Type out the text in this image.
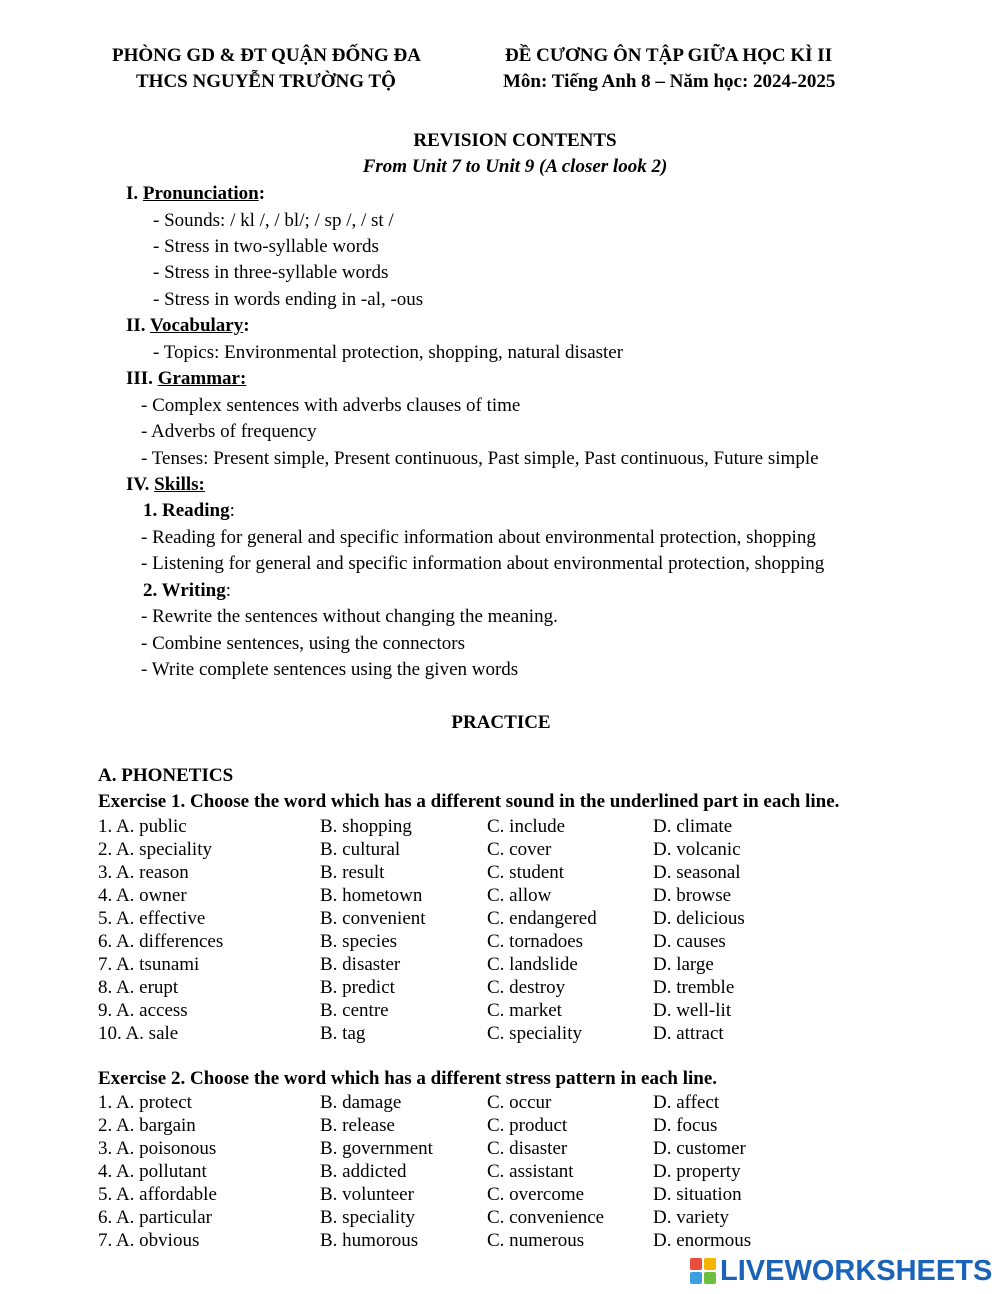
PHÒNG GD & ĐT QUẬN ĐỐNG ĐA
THCS NGUYỄN TRƯỜNG TỘ
ĐỀ CƯƠNG ÔN TẬP GIỮA HỌC KÌ II
Môn: Tiếng Anh 8 – Năm học: 2024-2025
REVISION CONTENTS
From Unit 7 to Unit 9 (A closer look 2)
I. Pronunciation:
- Sounds: / kl /, / bl/; / sp /, / st /
- Stress in two-syllable words
- Stress in three-syllable words
- Stress in words ending in -al, -ous
II. Vocabulary:
- Topics: Environmental protection, shopping, natural disaster
III. Grammar:
- Complex sentences with adverbs clauses of time
- Adverbs of frequency
- Tenses: Present simple, Present continuous, Past simple, Past continuous, Future simple
IV. Skills:
1. Reading:
- Reading for general and specific information about environmental protection, shopping
- Listening for general and specific information about environmental protection, shopping
2. Writing:
- Rewrite the sentences without changing the meaning.
- Combine sentences, using the connectors
- Write complete sentences using the given words
PRACTICE
A. PHONETICS
Exercise 1. Choose the word which has a different sound in the underlined part in each line.
1. A. public	B. shopping	C. include	D. climate
2. A. speciality	B. cultural	C. cover	D. volcanic
3. A. reason	B. result	C. student	D. seasonal
4. A. owner	B. hometown	C. allow	D. browse
5. A. effective	B. convenient	C. endangered	D. delicious
6. A. differences	B. species	C. tornadoes	D. causes
7. A. tsunami	B. disaster	C. landslide	D. large
8. A. erupt	B. predict	C. destroy	D. tremble
9. A. access	B. centre	C. market	D. well-lit
10. A. sale	B. tag	C. speciality	D. attract
Exercise 2. Choose the word which has a different stress pattern in each line.
1. A. protect	B. damage	C. occur	D. affect
2. A. bargain	B. release	C. product	D. focus
3. A. poisonous	B. government	C. disaster	D. customer
4. A. pollutant	B. addicted	C. assistant	D. property
5. A. affordable	B. volunteer	C. overcome	D. situation
6. A. particular	B. speciality	C. convenience	D. variety
7. A. obvious	B. humorous	C. numerous	D. enormous
LIVEWORKSHEETS
